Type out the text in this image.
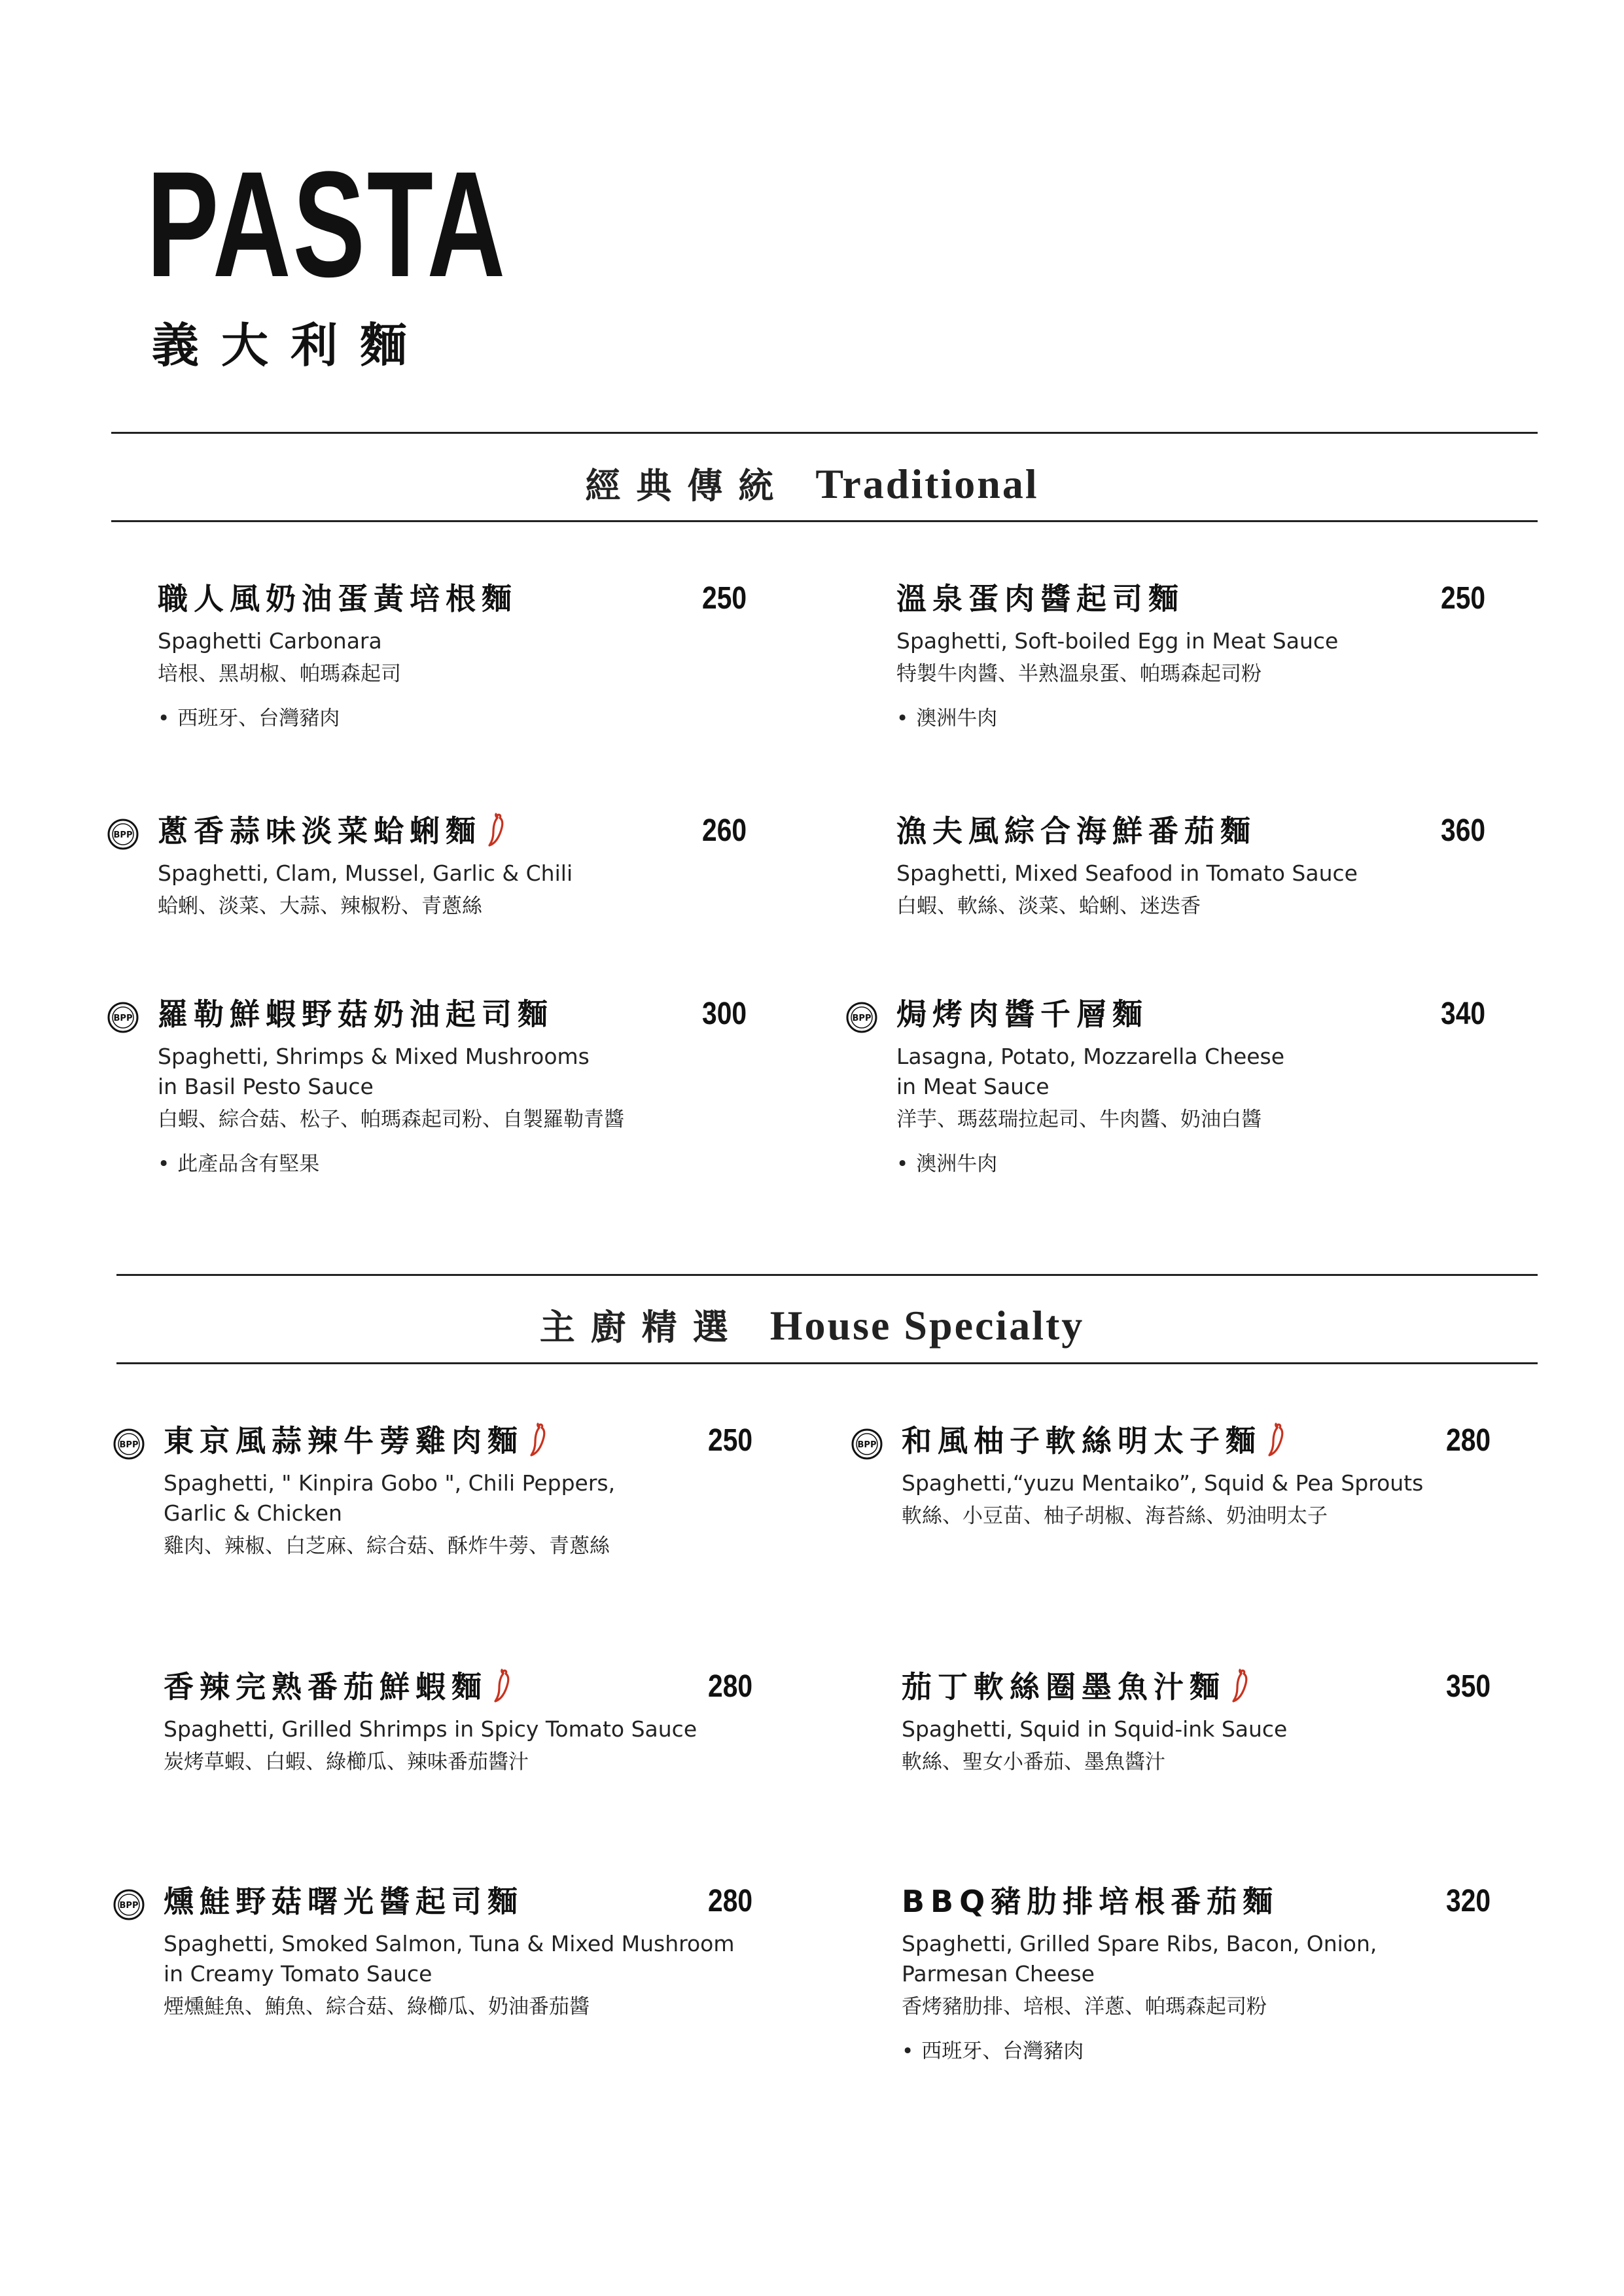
PASTA
義大利麵
經典傳統 Traditional
主廚精選 House Specialty
職人風奶油蛋黃培根麵	250
Spaghetti Carbonara
培根、黑胡椒、帕瑪森起司
• 西班牙、台灣豬肉
溫泉蛋肉醬起司麵	250
Spaghetti, Soft-boiled Egg in Meat Sauce
特製牛肉醬、半熟溫泉蛋、帕瑪森起司粉
• 澳洲牛肉
BPP 蔥香蒜味淡菜蛤蜊麵	260
Spaghetti, Clam, Mussel, Garlic & Chili
蛤蜊、淡菜、大蒜、辣椒粉、青蔥絲
漁夫風綜合海鮮番茄麵	360
Spaghetti, Mixed Seafood in Tomato Sauce
白蝦、軟絲、淡菜、蛤蜊、迷迭香
BPP 羅勒鮮蝦野菇奶油起司麵	300
Spaghetti, Shrimps & Mixed Mushrooms
in Basil Pesto Sauce
白蝦、綜合菇、松子、帕瑪森起司粉、自製羅勒青醬
• 此產品含有堅果
BPP 焗烤肉醬千層麵	340
Lasagna, Potato, Mozzarella Cheese
in Meat Sauce
洋芋、瑪茲瑞拉起司、牛肉醬、奶油白醬
• 澳洲牛肉
BPP 東京風蒜辣牛蒡雞肉麵	250
Spaghetti, " Kinpira Gobo ", Chili Peppers,
Garlic & Chicken
雞肉、辣椒、白芝麻、綜合菇、酥炸牛蒡、青蔥絲
BPP 和風柚子軟絲明太子麵	280
Spaghetti,“yuzu Mentaiko”, Squid & Pea Sprouts
軟絲、小豆苗、柚子胡椒、海苔絲、奶油明太子
香辣完熟番茄鮮蝦麵	280
Spaghetti, Grilled Shrimps in Spicy Tomato Sauce
炭烤草蝦、白蝦、綠櫛瓜、辣味番茄醬汁
茄丁軟絲圈墨魚汁麵	350
Spaghetti, Squid in Squid-ink Sauce
軟絲、聖女小番茄、墨魚醬汁
BPP 燻鮭野菇曙光醬起司麵	280
Spaghetti, Smoked Salmon, Tuna & Mixed Mushroom
in Creamy Tomato Sauce
煙燻鮭魚、鮪魚、綜合菇、綠櫛瓜、奶油番茄醬
BBQ豬肋排培根番茄麵	320
Spaghetti, Grilled Spare Ribs, Bacon, Onion,
Parmesan Cheese
香烤豬肋排、培根、洋蔥、帕瑪森起司粉
• 西班牙、台灣豬肉
